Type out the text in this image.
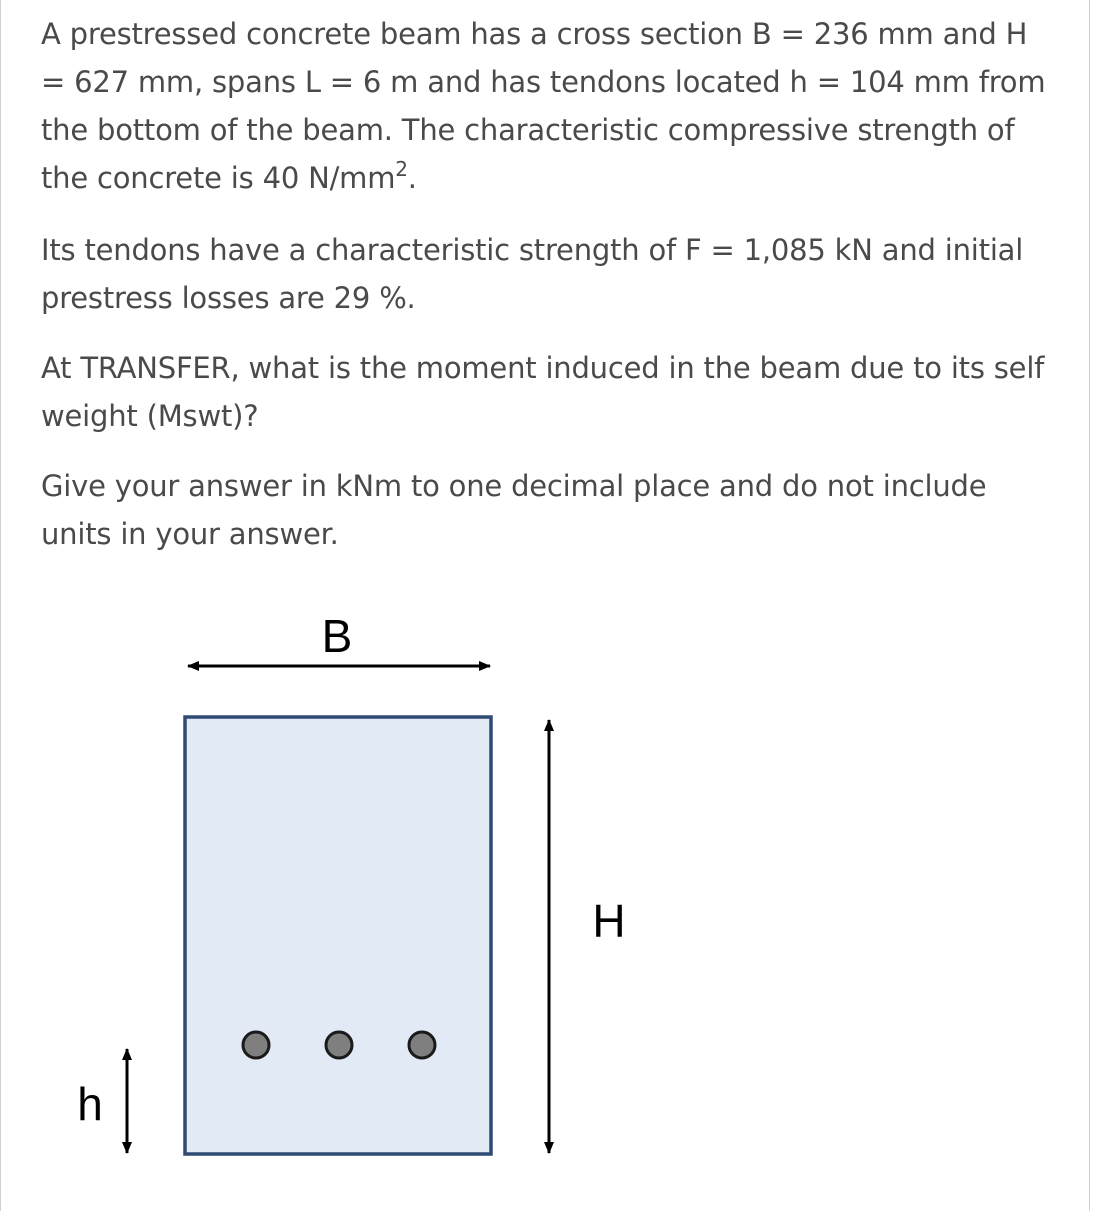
A prestressed concrete beam has a cross section B = 236 mm and H = 627 mm, spans L = 6 m and has tendons located h = 104 mm from the bottom of the beam. The characteristic compressive strength of the concrete is 40 $N/mm^2$.

Its tendons have a characteristic strength of F = 1,085 kN and initial prestress losses are 29 %.

At TRANSFER, what is the moment induced in the beam due to its self weight (Mswt)?

Give your answer in kNm to one decimal place and do not include units in your answer.

B
H
h
